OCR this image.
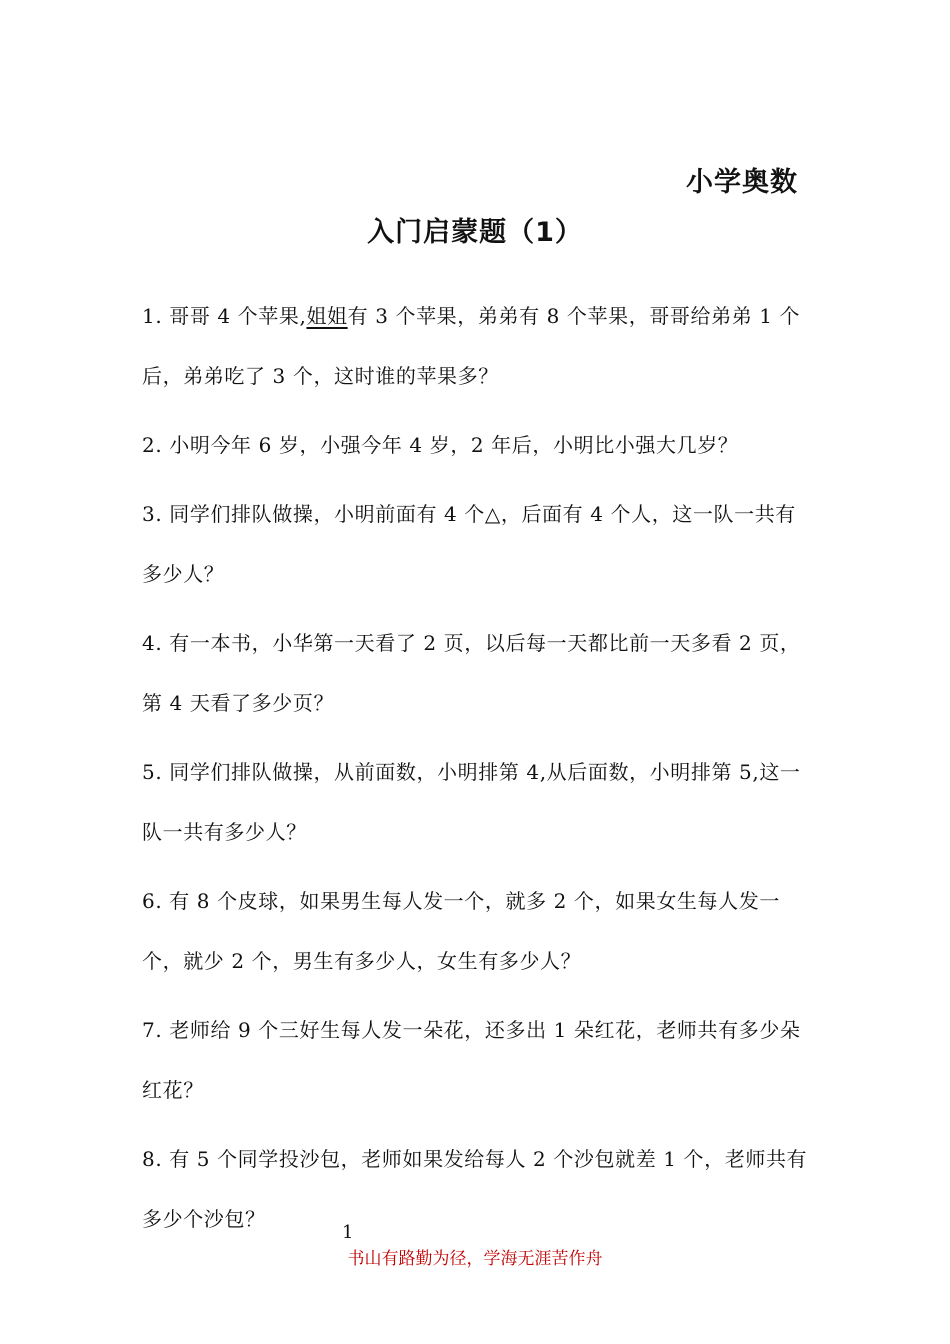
小学奥数
入门启蒙题（1）
1. 哥哥 4 个苹果,姐姐有 3 个苹果，弟弟有 8 个苹果，哥哥给弟弟 1 个后，弟弟吃了 3 个，这时谁的苹果多？
2. 小明今年 6 岁，小强今年 4 岁，2 年后，小明比小强大几岁？
3. 同学们排队做操，小明前面有 4 个△，后面有 4 个人，这一队一共有多少人？
4. 有一本书，小华第一天看了 2 页，以后每一天都比前一天多看 2 页，第 4 天看了多少页？
5. 同学们排队做操，从前面数，小明排第 4,从后面数，小明排第 5,这一队一共有多少人？
6. 有 8 个皮球，如果男生每人发一个，就多 2 个，如果女生每人发一个，就少 2 个，男生有多少人，女生有多少人？
7. 老师给 9 个三好生每人发一朵花，还多出 1 朵红花，老师共有多少朵红花？
8. 有 5 个同学投沙包，老师如果发给每人 2 个沙包就差 1 个，老师共有多少个沙包？
1
书山有路勤为径，学海无涯苦作舟
